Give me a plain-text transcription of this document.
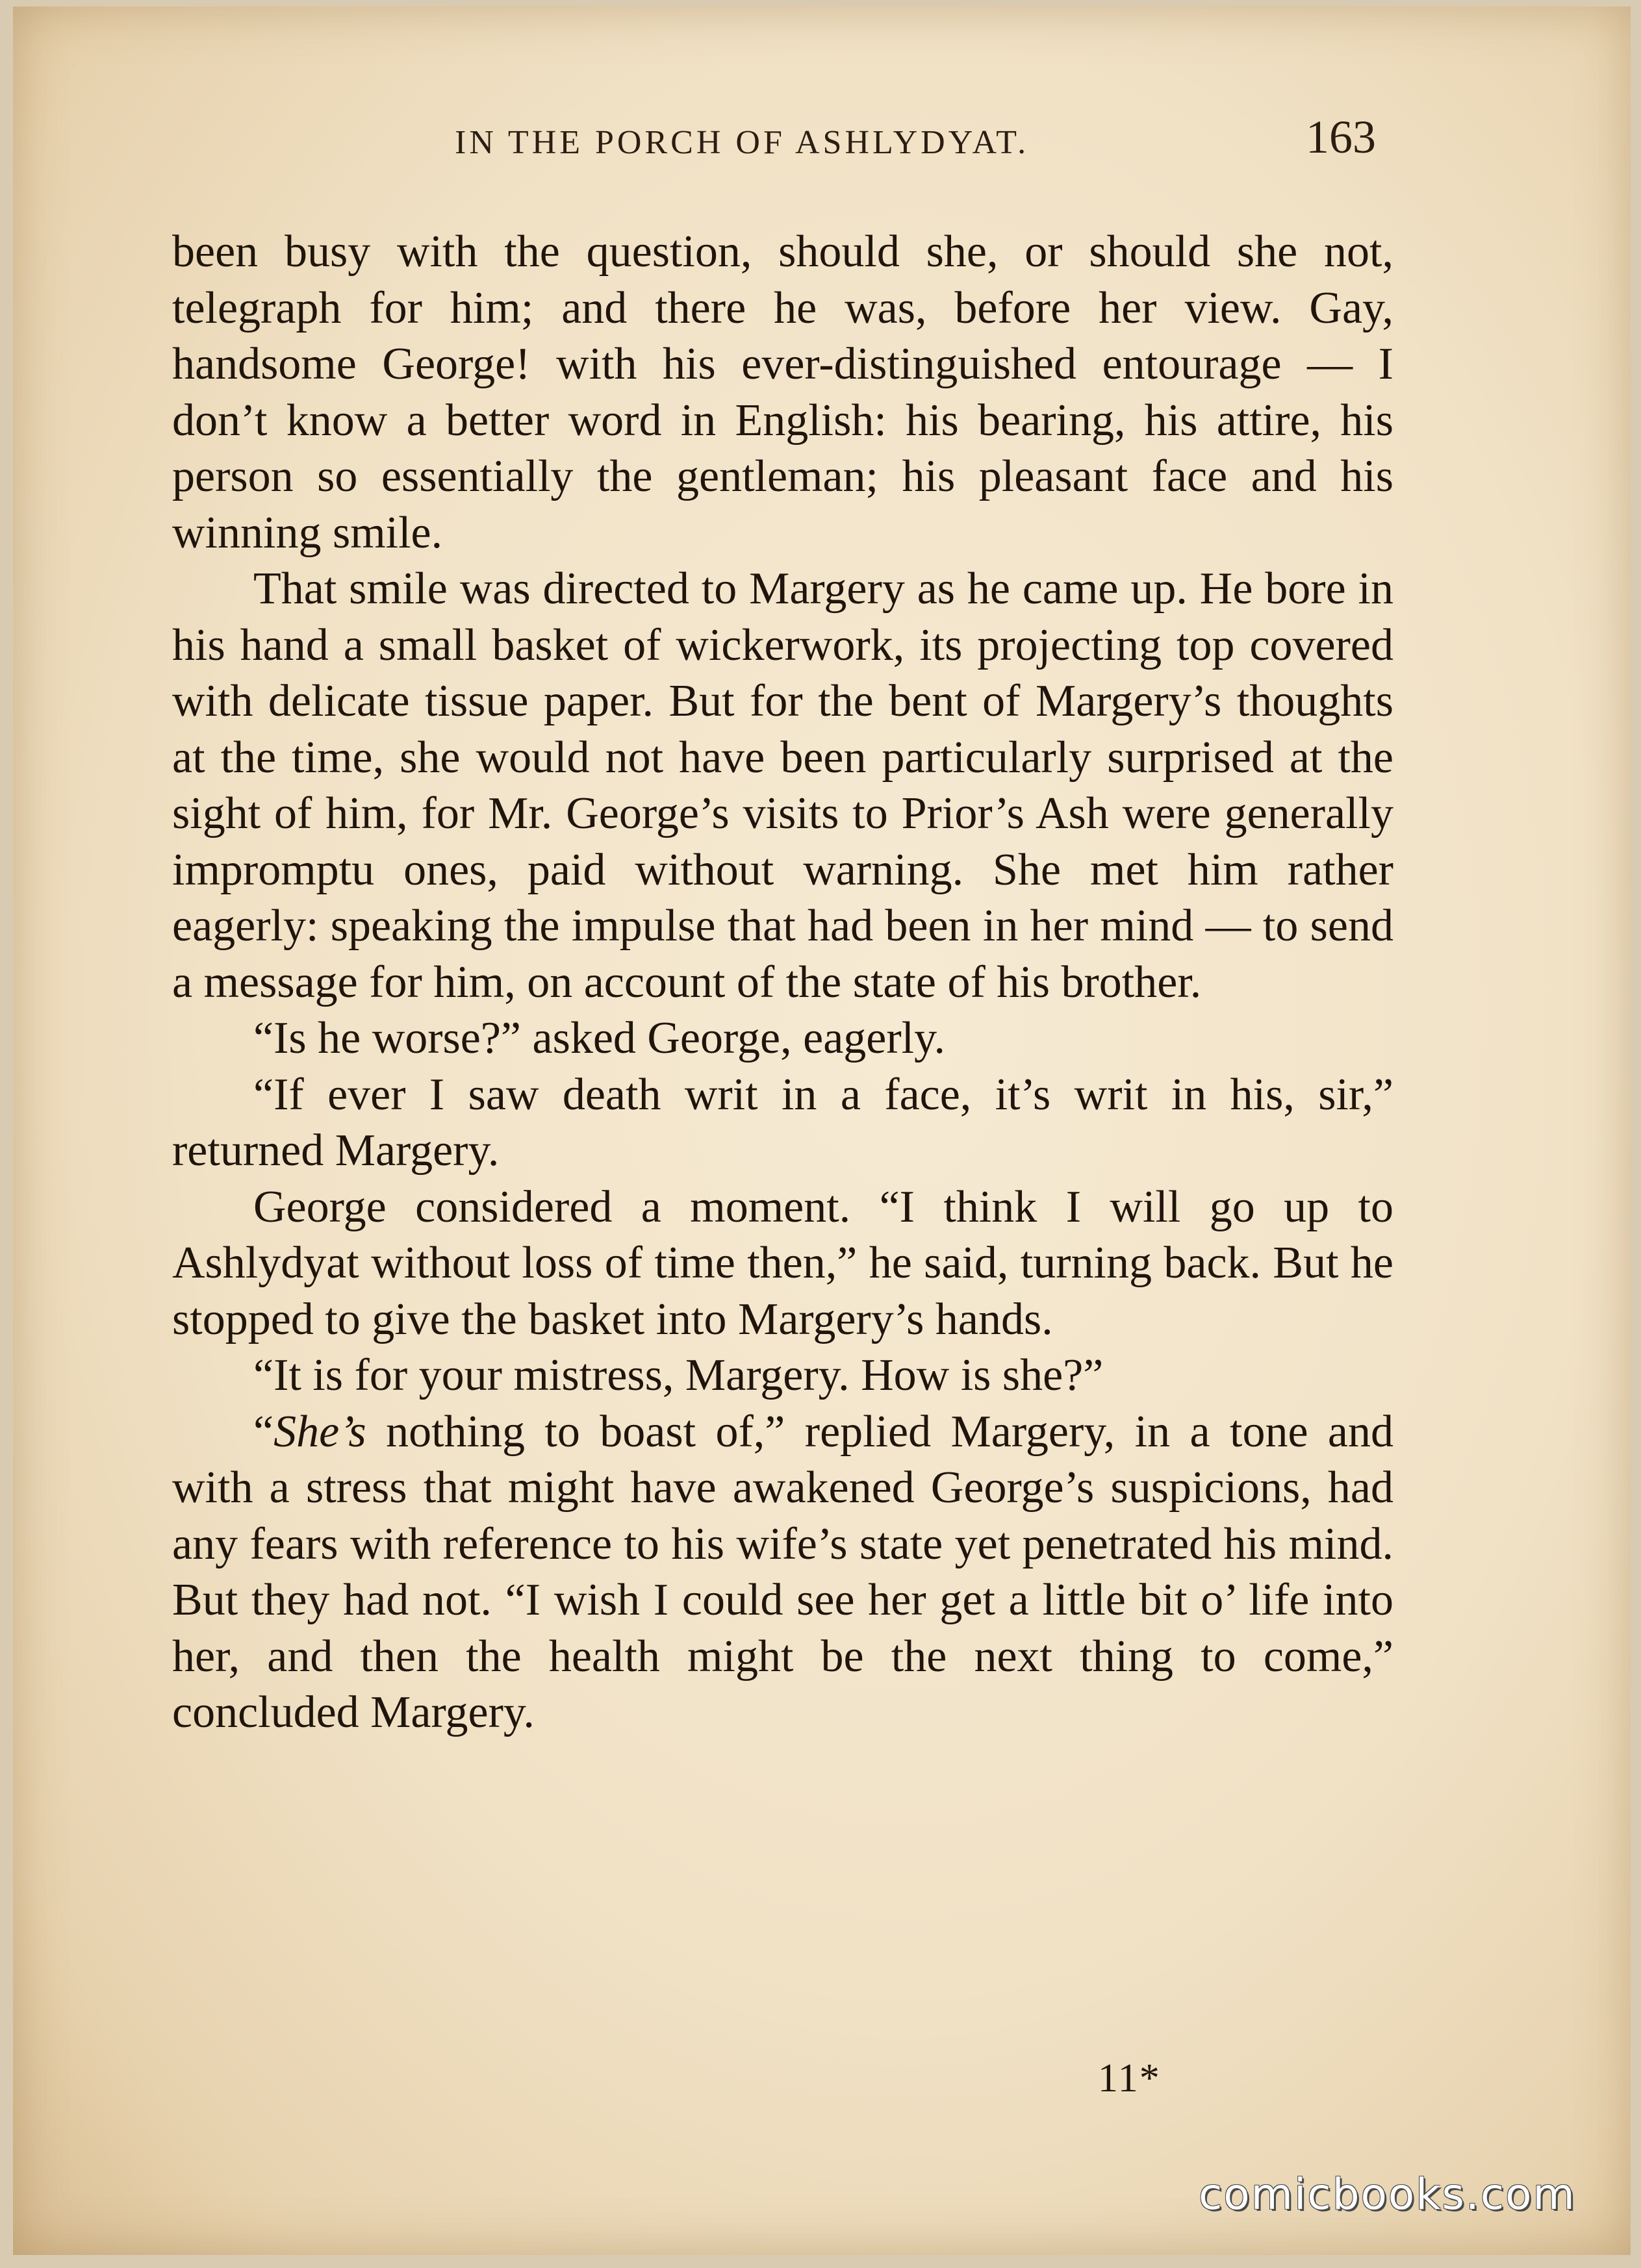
IN THE PORCH OF ASHLYDYAT.	163

been busy with the question, should she, or should she not, telegraph for him; and there he was, before her view. Gay, handsome George! with his ever-distinguished entourage — I don’t know a better word in English: his bearing, his attire, his person so essentially the gentleman; his pleasant face and his winning smile.

That smile was directed to Margery as he came up. He bore in his hand a small basket of wickerwork, its projecting top covered with delicate tissue paper. But for the bent of Margery’s thoughts at the time, she would not have been particularly surprised at the sight of him, for Mr. George’s visits to Prior’s Ash were generally impromptu ones, paid without warning. She met him rather eagerly: speaking the impulse that had been in her mind — to send a message for him, on account of the state of his brother.

“Is he worse?” asked George, eagerly.

“If ever I saw death writ in a face, it’s writ in his, sir,” returned Margery.

George considered a moment. “I think I will go up to Ashlydyat without loss of time then,” he said, turning back. But he stopped to give the basket into Margery’s hands.

“It is for your mistress, Margery. How is she?”

“She’s nothing to boast of,” replied Margery, in a tone and with a stress that might have awakened George’s suspicions, had any fears with reference to his wife’s state yet penetrated his mind. But they had not. “I wish I could see her get a little bit o’ life into her, and then the health might be the next thing to come,” concluded Margery.

11*
comicbooks.com
